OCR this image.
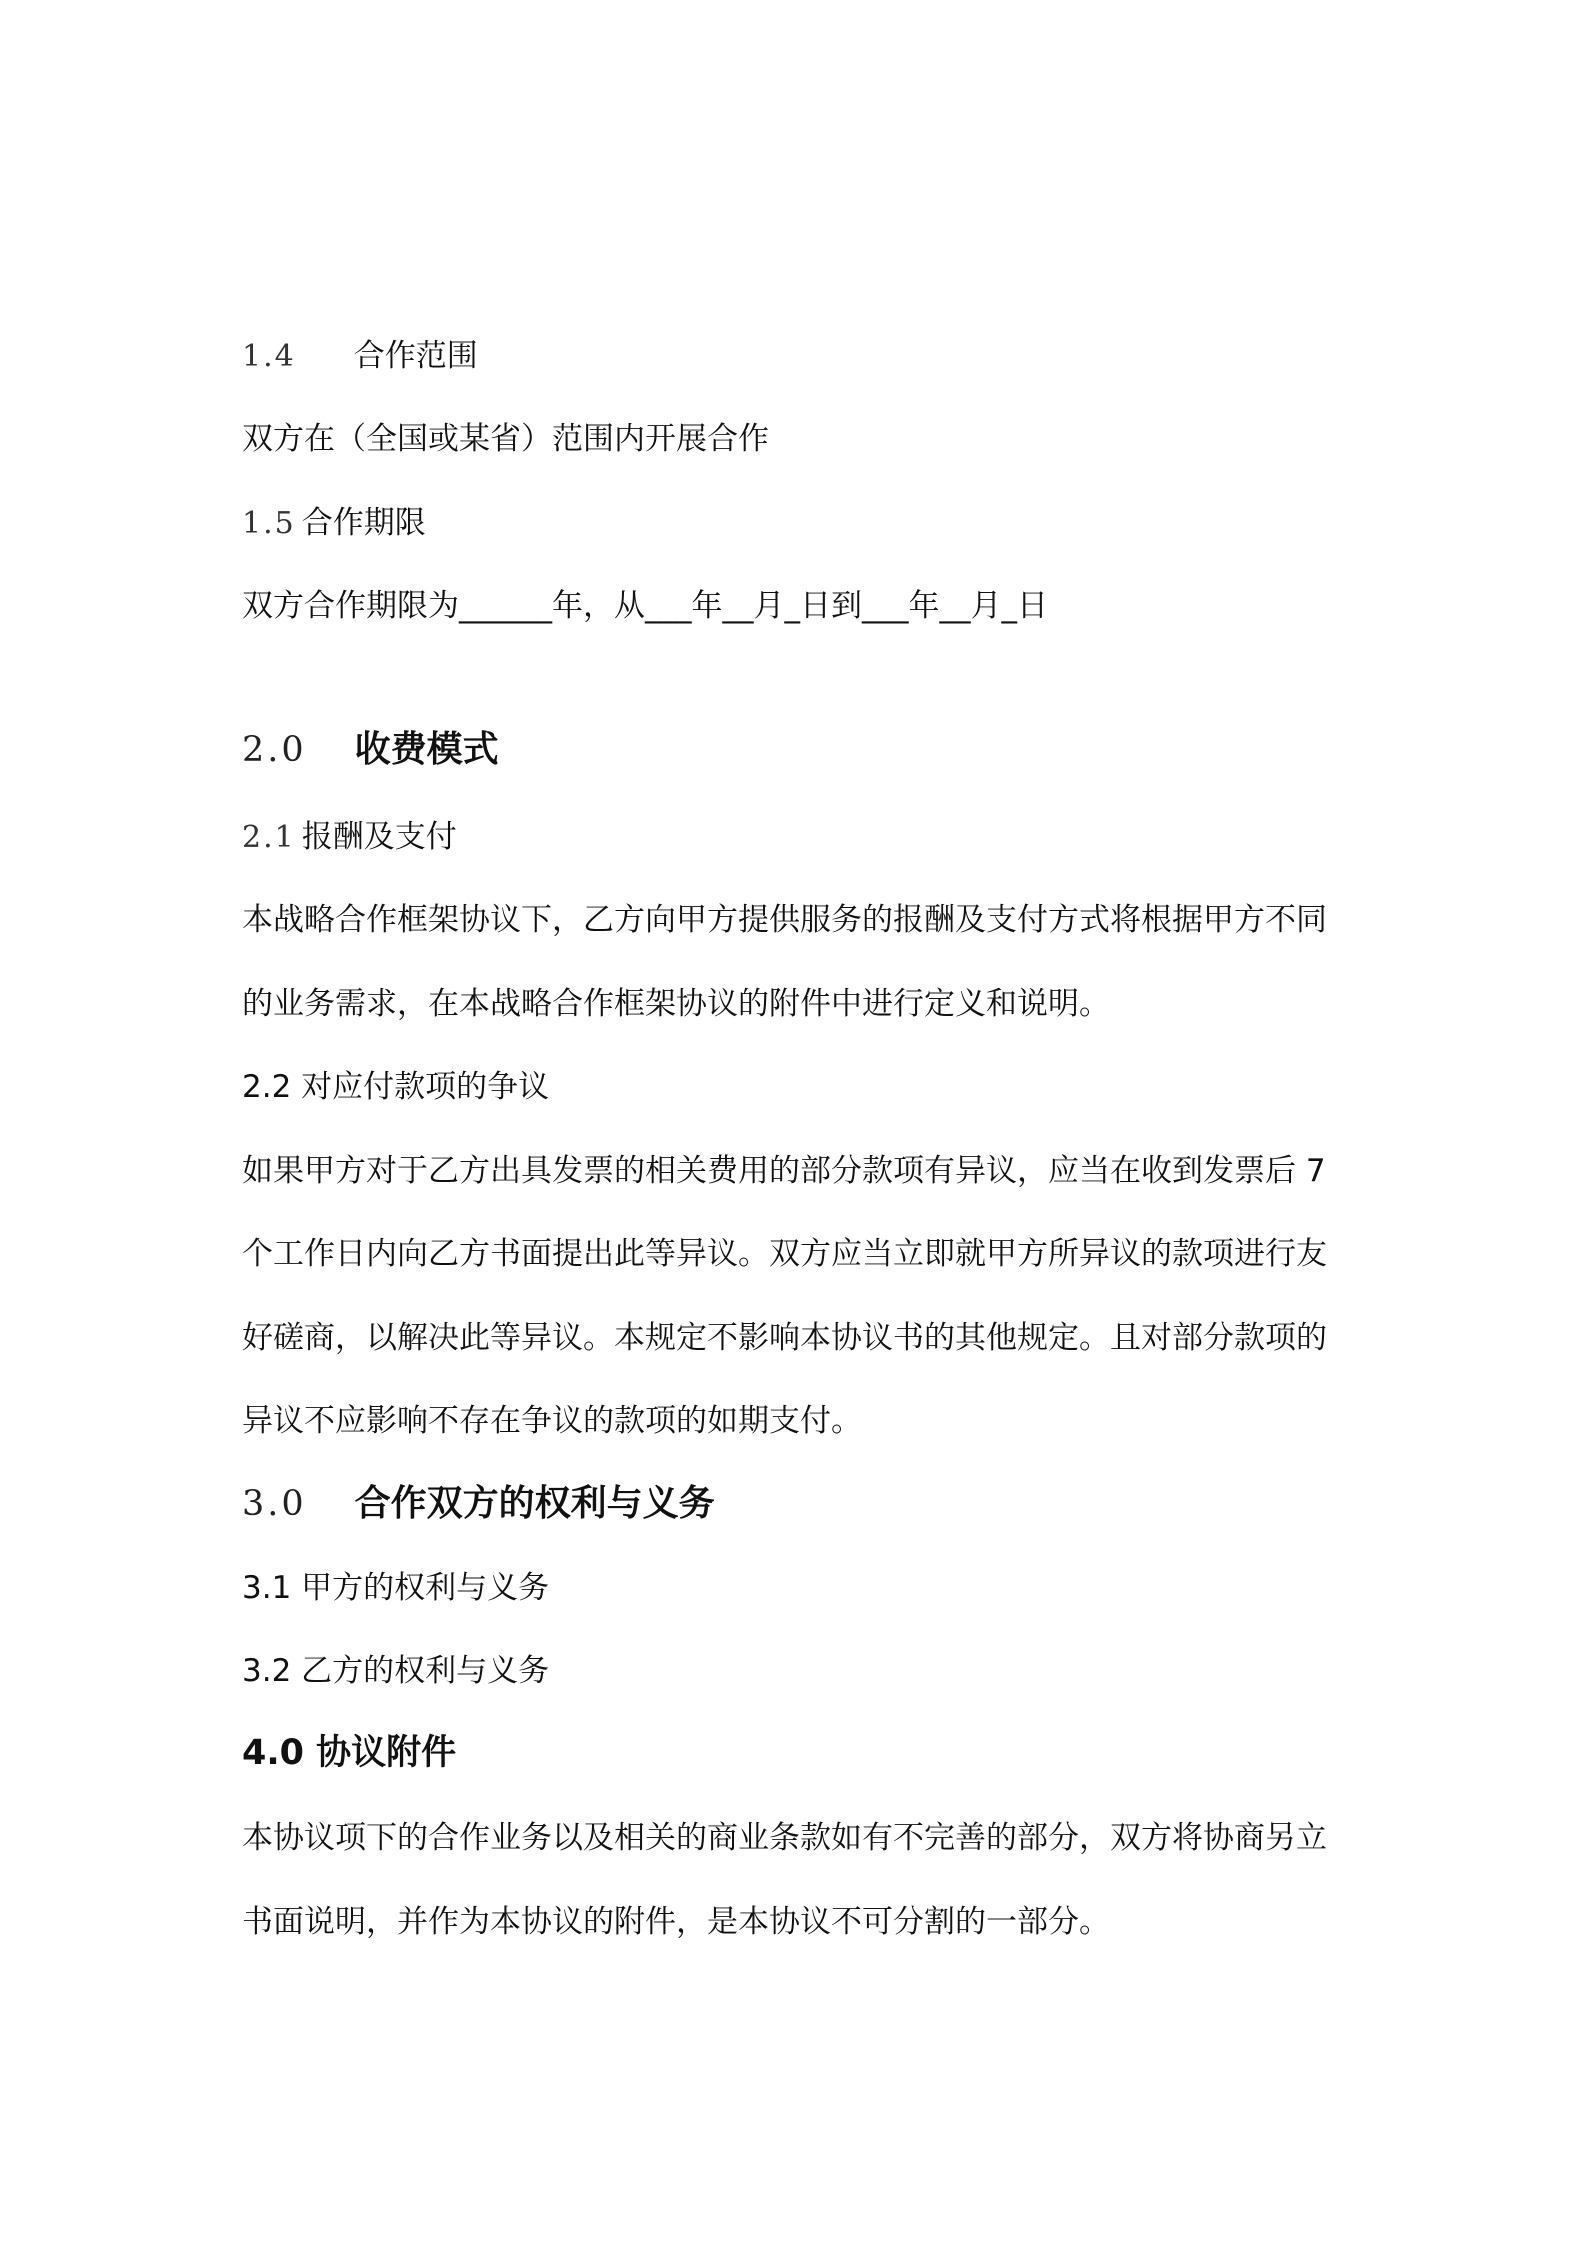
1.4 合作范围
双方在（全国或某省）范围内开展合作
1.5 合作期限
双方合作期限为______年，从___年__月_日到___年__月_日
2.0 收费模式
2.1 报酬及支付
本战略合作框架协议下，乙方向甲方提供服务的报酬及支付方式将根据甲方不同
的业务需求，在本战略合作框架协议的附件中进行定义和说明。
2.2 对应付款项的争议
如果甲方对于乙方出具发票的相关费用的部分款项有异议，应当在收到发票后 7
个工作日内向乙方书面提出此等异议。双方应当立即就甲方所异议的款项进行友
好磋商，以解决此等异议。本规定不影响本协议书的其他规定。且对部分款项的
异议不应影响不存在争议的款项的如期支付。
3.0 合作双方的权利与义务
3.1 甲方的权利与义务
3.2 乙方的权利与义务
4.0 协议附件
本协议项下的合作业务以及相关的商业条款如有不完善的部分，双方将协商另立
书面说明，并作为本协议的附件，是本协议不可分割的一部分。
